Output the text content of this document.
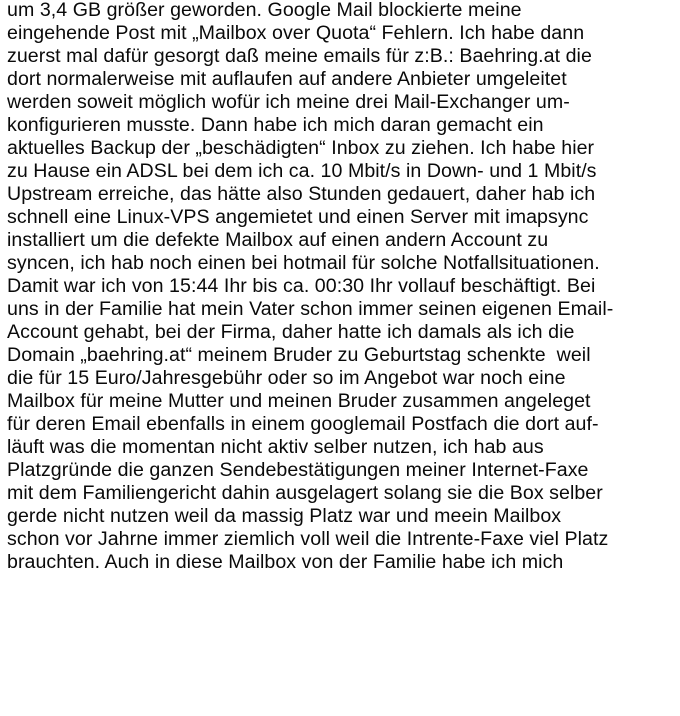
um 3,4 GB größer geworden. Google Mail blockierte meine
eingehende Post mit „Mailbox over Quota“ Fehlern. Ich habe dann
zuerst mal dafür gesorgt daß meine emails für z:B.: Baehring.at die
dort normalerweise mit auflaufen auf andere Anbieter umgeleitet
werden soweit möglich wofür ich meine drei Mail-Exchanger um-
konfigurieren musste. Dann habe ich mich daran gemacht ein
aktuelles Backup der „beschädigten“ Inbox zu ziehen. Ich habe hier
zu Hause ein ADSL bei dem ich ca. 10 Mbit/s in Down- und 1 Mbit/s
Upstream erreiche, das hätte also Stunden gedauert, daher hab ich
schnell eine Linux-VPS angemietet und einen Server mit imapsync
installiert um die defekte Mailbox auf einen andern Account zu
syncen, ich hab noch einen bei hotmail für solche Notfallsituationen.
Damit war ich von 15:44 Ihr bis ca. 00:30 Ihr vollauf beschäftigt. Bei
uns in der Familie hat mein Vater schon immer seinen eigenen Email-
Account gehabt, bei der Firma, daher hatte ich damals als ich die
Domain „baehring.at“ meinem Bruder zu Geburtstag schenkte  weil
die für 15 Euro/Jahresgebühr oder so im Angebot war noch eine
Mailbox für meine Mutter und meinen Bruder zusammen angeleget
für deren Email ebenfalls in einem googlemail Postfach die dort auf-
läuft was die momentan nicht aktiv selber nutzen, ich hab aus
Platzgründe die ganzen Sendebestätigungen meiner Internet-Faxe
mit dem Familiengericht dahin ausgelagert solang sie die Box selber
gerde nicht nutzen weil da massig Platz war und meein Mailbox
schon vor Jahrne immer ziemlich voll weil die Intrente-Faxe viel Platz
brauchten. Auch in diese Mailbox von der Familie habe ich mich
